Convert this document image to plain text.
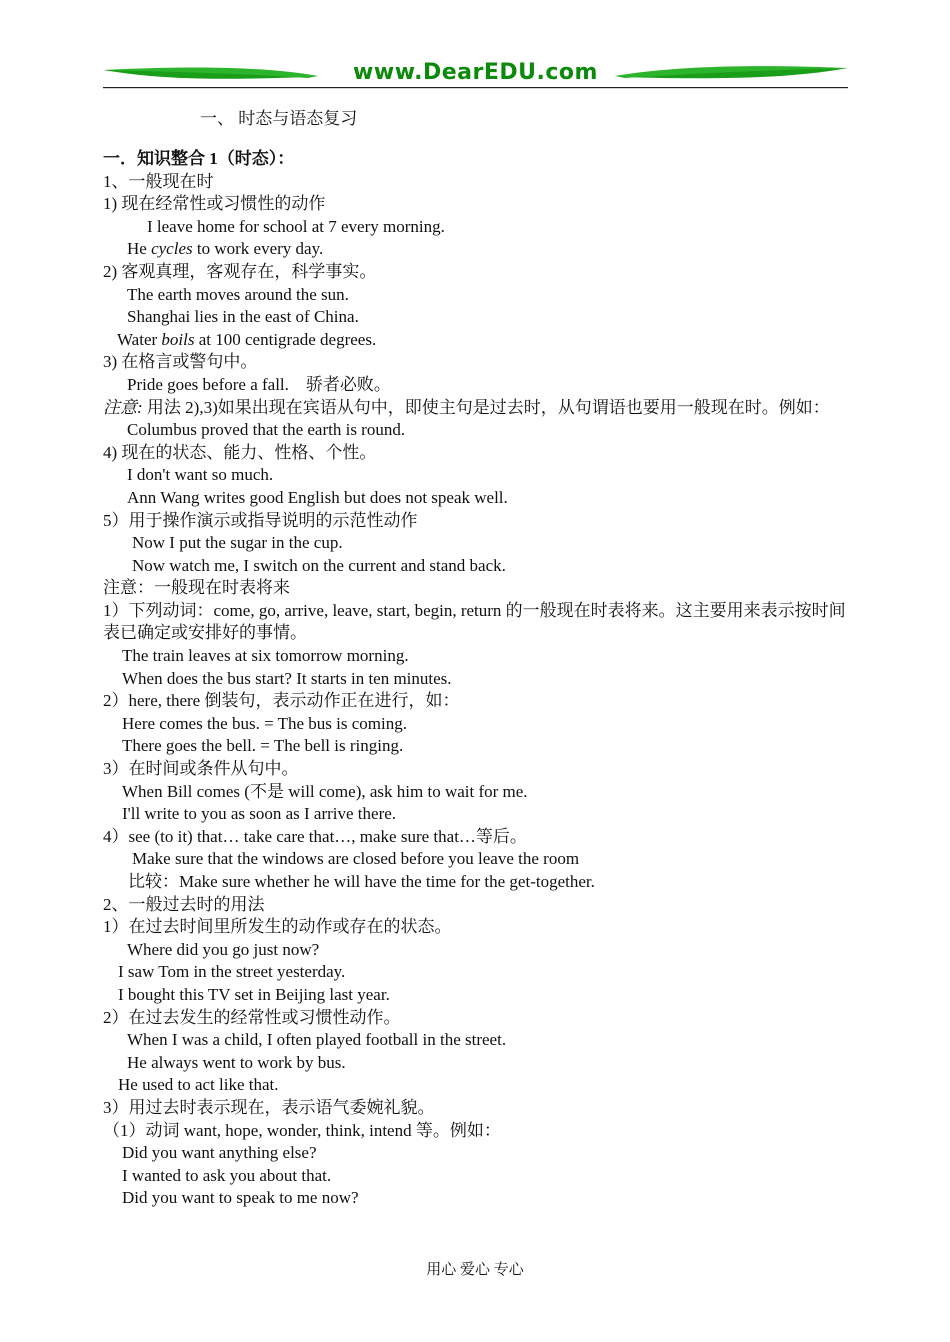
www.DearEDU.com
一、 时态与语态复习
一．知识整合 1（时态）：
1、一般现在时
1) 现在经常性或习惯性的动作
I leave home for school at 7 every morning.
He cycles to work every day.
2) 客观真理，客观存在，科学事实。
The earth moves around the sun.
Shanghai lies in the east of China.
Water boils at 100 centigrade degrees.
3) 在格言或警句中。
Pride goes before a fall.    骄者必败。
注意: 用法 2),3)如果出现在宾语从句中，即使主句是过去时，从句谓语也要用一般现在时。例如：
Columbus proved that the earth is round.
4) 现在的状态、能力、性格、个性。
I don't want so much.
Ann Wang writes good English but does not speak well.
5）用于操作演示或指导说明的示范性动作
Now I put the sugar in the cup.
Now watch me, I switch on the current and stand back.
注意：一般现在时表将来
1）下列动词：come, go, arrive, leave, start, begin, return 的一般现在时表将来。这主要用来表示按时间表已确定或安排好的事情。
The train leaves at six tomorrow morning.
When does the bus start? It starts in ten minutes.
2）here, there 倒装句，表示动作正在进行，如：
Here comes the bus. = The bus is coming.
There goes the bell. = The bell is ringing.
3）在时间或条件从句中。
When Bill comes (不是 will come), ask him to wait for me.
I'll write to you as soon as I arrive there.
4）see (to it) that… take care that…, make sure that…等后。
Make sure that the windows are closed before you leave the room
比较：Make sure whether he will have the time for the get-together.
2、一般过去时的用法
1）在过去时间里所发生的动作或存在的状态。
Where did you go just now?
I saw Tom in the street yesterday.
I bought this TV set in Beijing last year.
2）在过去发生的经常性或习惯性动作。
When I was a child, I often played football in the street.
He always went to work by bus.
He used to act like that.
3）用过去时表示现在，表示语气委婉礼貌。
（1）动词 want, hope, wonder, think, intend 等。例如：
Did you want anything else?
I wanted to ask you about that.
Did you want to speak to me now?
用心 爱心 专心
